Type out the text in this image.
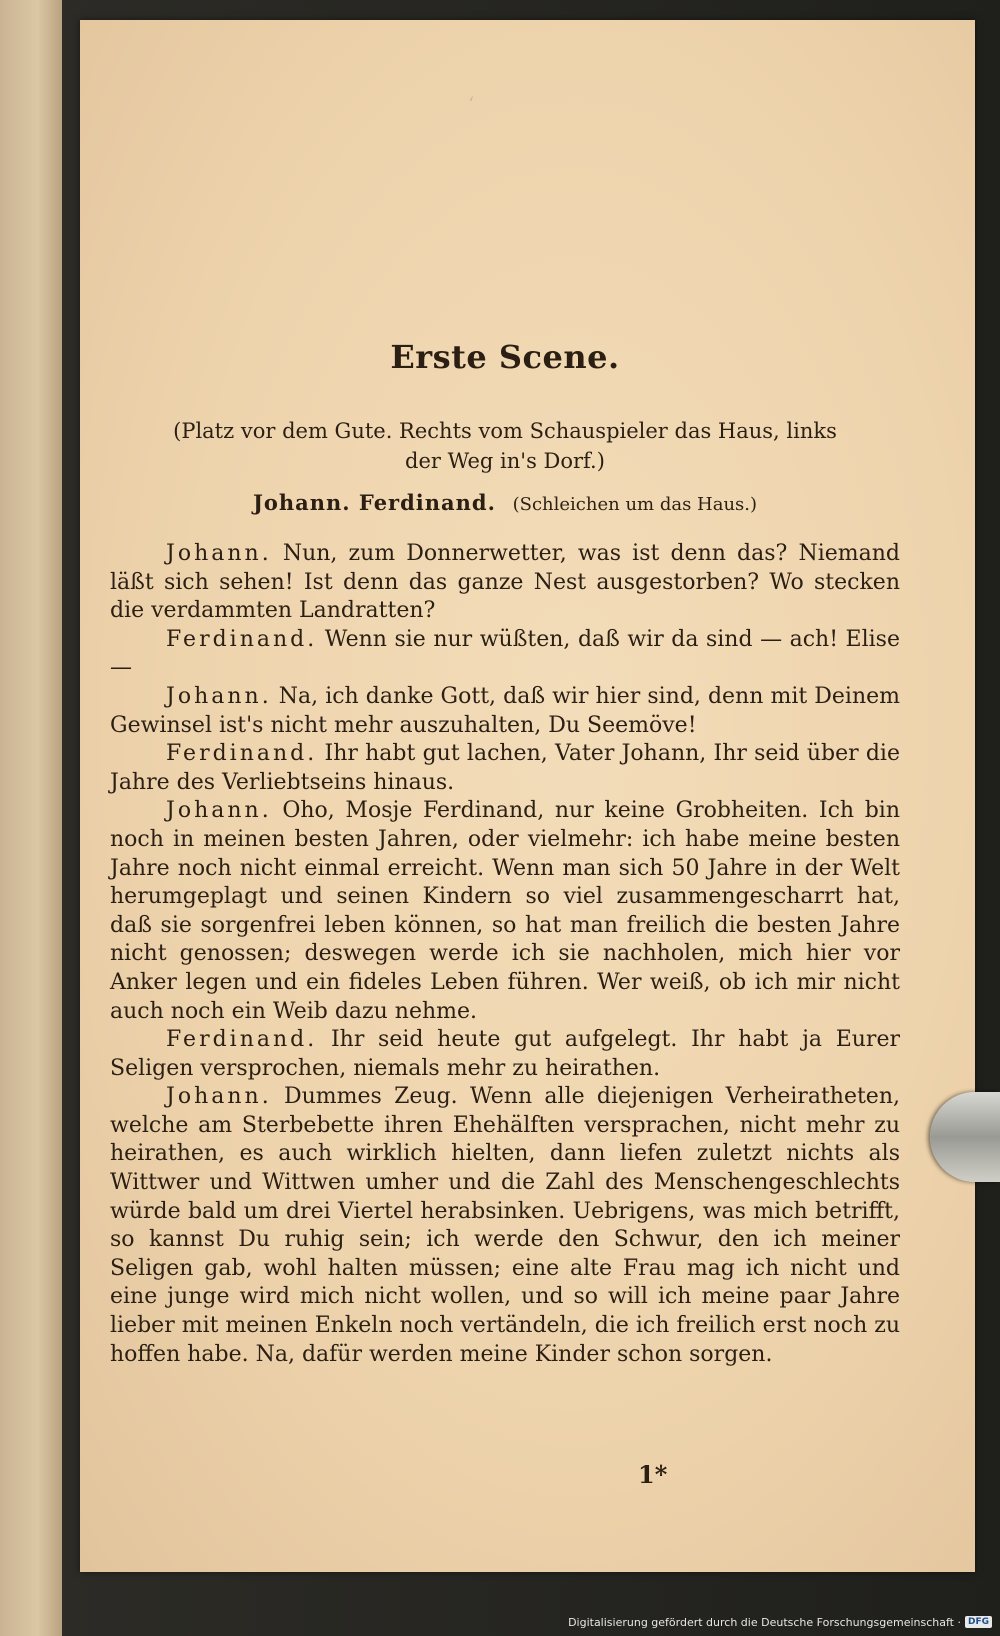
‘
Erste Scene.
(Platz vor dem Gute. Rechts vom Schauspieler das Haus, links
der Weg in's Dorf.)
Johann. Ferdinand. (Schleichen um das Haus.)

Johann. Nun, zum Donnerwetter, was ist denn das? Niemand läßt sich sehen! Ist denn das ganze Nest ausgestorben? Wo stecken die verdammten Landratten?

Ferdinand. Wenn sie nur wüßten, daß wir da sind — ach! Elise —

Johann. Na, ich danke Gott, daß wir hier sind, denn mit Deinem Gewinsel ist's nicht mehr auszuhalten, Du Seemöve!

Ferdinand. Ihr habt gut lachen, Vater Johann, Ihr seid über die Jahre des Verliebtseins hinaus.

Johann. Oho, Mosje Ferdinand, nur keine Grobheiten. Ich bin noch in meinen besten Jahren, oder vielmehr: ich habe meine besten Jahre noch nicht einmal erreicht. Wenn man sich 50 Jahre in der Welt herumgeplagt und seinen Kindern so viel zusammengescharrt hat, daß sie sorgenfrei leben können, so hat man freilich die besten Jahre nicht genossen; deswegen werde ich sie nachholen, mich hier vor Anker legen und ein fideles Leben führen. Wer weiß, ob ich mir nicht auch noch ein Weib dazu nehme.

Ferdinand. Ihr seid heute gut aufgelegt. Ihr habt ja Eurer Seligen versprochen, niemals mehr zu heirathen.

Johann. Dummes Zeug. Wenn alle diejenigen Verheiratheten, welche am Sterbebette ihren Ehehälften versprachen, nicht mehr zu heirathen, es auch wirklich hielten, dann liefen zuletzt nichts als Wittwer und Wittwen umher und die Zahl des Menschengeschlechts würde bald um drei Viertel herabsinken. Uebrigens, was mich betrifft, so kannst Du ruhig sein; ich werde den Schwur, den ich meiner Seligen gab, wohl halten müssen; eine alte Frau mag ich nicht und eine junge wird mich nicht wollen, und so will ich meine paar Jahre lieber mit meinen Enkeln noch vertändeln, die ich freilich erst noch zu hoffen habe. Na, dafür werden meine Kinder schon sorgen.

1*
Digitalisierung gefördert durch die Deutsche Forschungsgemeinschaft · DFG
